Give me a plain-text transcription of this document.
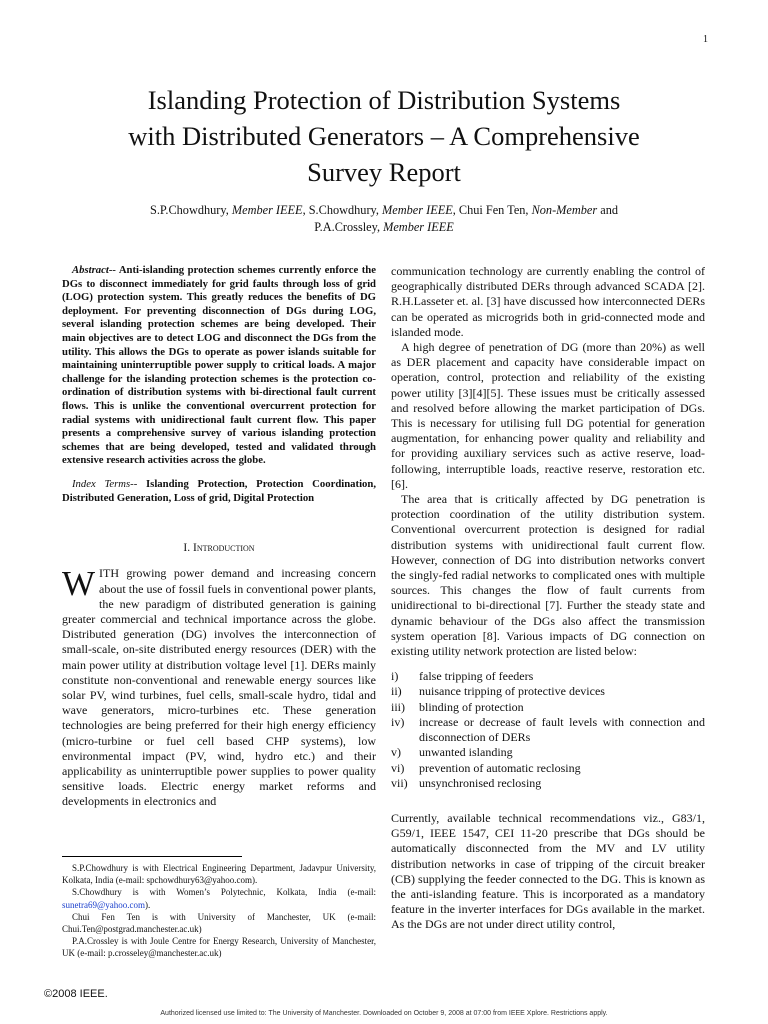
1
Islanding Protection of Distribution Systems
with Distributed Generators – A Comprehensive
Survey Report
S.P.Chowdhury, Member IEEE, S.Chowdhury, Member IEEE, Chui Fen Ten, Non-Member and
P.A.Crossley, Member IEEE

Abstract-- Anti-islanding protection schemes currently enforce the DGs to disconnect immediately for grid faults through loss of grid (LOG) protection system. This greatly reduces the benefits of DG deployment. For preventing disconnection of DGs during LOG, several islanding protection schemes are being developed. Their main objectives are to detect LOG and disconnect the DGs from the utility. This allows the DGs to operate as power islands suitable for maintaining uninterruptible power supply to critical loads. A major challenge for the islanding protection schemes is the protection co-ordination of distribution systems with bi-directional fault current flows. This is unlike the conventional overcurrent protection for radial systems with unidirectional fault current flow. This paper presents a comprehensive survey of various islanding protection schemes that are being developed, tested and validated through extensive research activities across the globe.

Index Terms-- Islanding Protection, Protection Coordination, Distributed Generation, Loss of grid, Digital Protection

I. Introduction

WITH growing power demand and increasing concern about the use of fossil fuels in conventional power plants, the new paradigm of distributed generation is gaining greater commercial and technical importance across the globe. Distributed generation (DG) involves the interconnection of small-scale, on-site distributed energy resources (DER) with the main power utility at distribution voltage level [1]. DERs mainly constitute non-conventional and renewable energy sources like solar PV, wind turbines, fuel cells, small-scale hydro, tidal and wave generators, micro-turbines etc. These generation technologies are being preferred for their high energy efficiency (micro-turbine or fuel cell based CHP systems), low environmental impact (PV, wind, hydro etc.) and their applicability as uninterruptible power supplies to power quality sensitive loads. Electric energy market reforms and developments in electronics and

communication technology are currently enabling the control of geographically distributed DERs through advanced SCADA [2]. R.H.Lasseter et. al. [3] have discussed how interconnected DERs can be operated as microgrids both in grid-connected mode and islanded mode.

A high degree of penetration of DG (more than 20%) as well as DER placement and capacity have considerable impact on operation, control, protection and reliability of the existing power utility [3][4][5]. These issues must be critically assessed and resolved before allowing the market participation of DGs. This is necessary for utilising full DG potential for generation augmentation, for enhancing power quality and reliability and for providing auxiliary services such as active reserve, load-following, interruptible loads, reactive reserve, restoration etc. [6].

The area that is critically affected by DG penetration is protection coordination of the utility distribution system. Conventional overcurrent protection is designed for radial distribution systems with unidirectional fault current flow. However, connection of DG into distribution networks convert the singly-fed radial networks to complicated ones with multiple sources. This changes the flow of fault currents from unidirectional to bi-directional [7]. Further the steady state and dynamic behaviour of the DGs also affect the transmission system operation [8]. Various impacts of DG connection on existing utility network protection are listed below:

i) false tripping of feeders
ii) nuisance tripping of protective devices
iii) blinding of protection
iv) increase or decrease of fault levels with connection and disconnection of DERs
v) unwanted islanding
vi) prevention of automatic reclosing
vii) unsynchronised reclosing

Currently, available technical recommendations viz., G83/1, G59/1, IEEE 1547, CEI 11-20 prescribe that DGs should be automatically disconnected from the MV and LV utility distribution networks in case of tripping of the circuit breaker (CB) supplying the feeder connected to the DG. This is known as the anti-islanding feature. This is incorporated as a mandatory feature in the inverter interfaces for DGs available in the market. As the DGs are not under direct utility control,

S.P.Chowdhury is with Electrical Engineering Department, Jadavpur University, Kolkata, India (e-mail: spchowdhury63@yahoo.com).

S.Chowdhury is with Women’s Polytechnic, Kolkata, India (e-mail: sunetra69@yahoo.com).

Chui Fen Ten is with University of Manchester, UK (e-mail: Chui.Ten@postgrad.manchester.ac.uk)

P.A.Crossley is with Joule Centre for Energy Research, University of Manchester, UK (e-mail: p.crosseley@manchester.ac.uk)

©2008 IEEE.
Authorized licensed use limited to: The University of Manchester. Downloaded on October 9, 2008 at 07:00 from IEEE Xplore. Restrictions apply.
